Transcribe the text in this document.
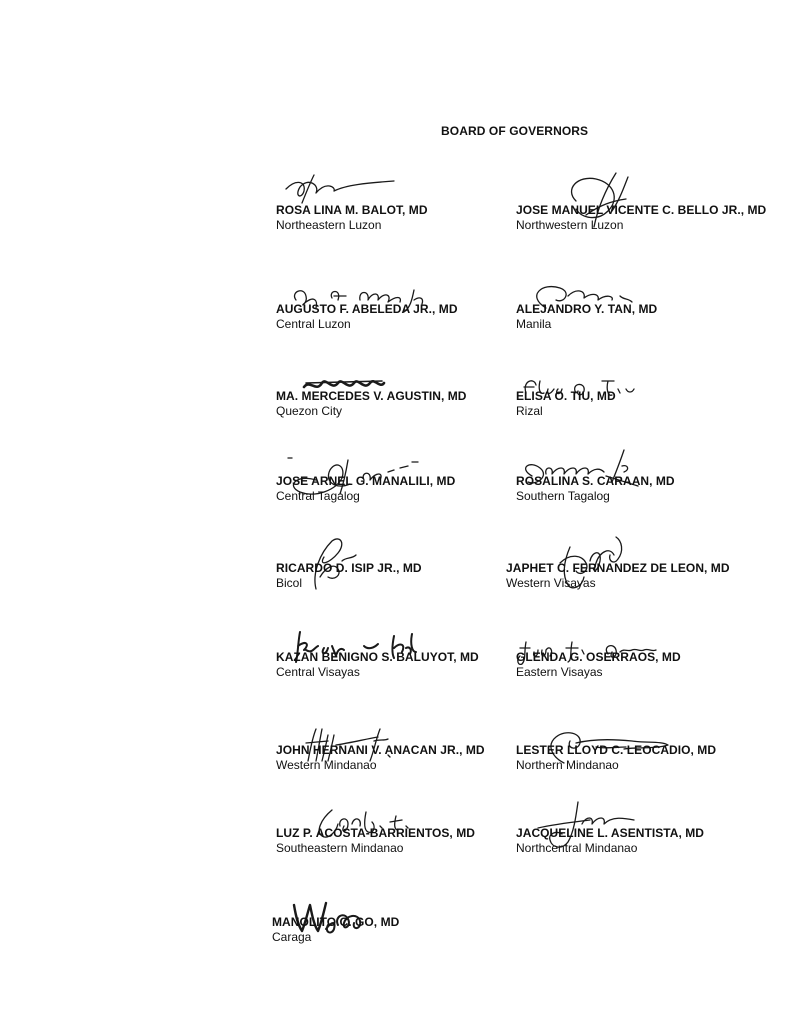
BOARD OF GOVERNORS
ROSA LINA M. BALOT, MD
Northeastern Luzon
JOSE MANUEL VICENTE C. BELLO JR., MD
Northwestern Luzon
AUGUSTO F. ABELEDA JR., MD
Central Luzon
ALEJANDRO Y. TAN, MD
Manila
MA. MERCEDES V. AGUSTIN, MD
Quezon City
ELISA O. TIU, MD
Rizal
JOSE ARNEL G. MANALILI, MD
Central Tagalog
ROSALINA S. CARAAN, MD
Southern Tagalog
RICARDO D. ISIP JR., MD
Bicol
JAPHET C. FERNANDEZ DE LEON, MD
Western Visayas
KAZAN BENIGNO S. BALUYOT, MD
Central Visayas
GLENDA G. OSERRAOS, MD
Eastern Visayas
JOHN HERNANI V. ANACAN JR., MD
Western Mindanao
LESTER LLOYD C. LEOCADIO, MD
Northern Mindanao
LUZ P. ACOSTA-BARRIENTOS, MD
Southeastern Mindanao
JACQUELINE L. ASENTISTA, MD
Northcentral Mindanao
MANOLITO C. GO, MD
Caraga
